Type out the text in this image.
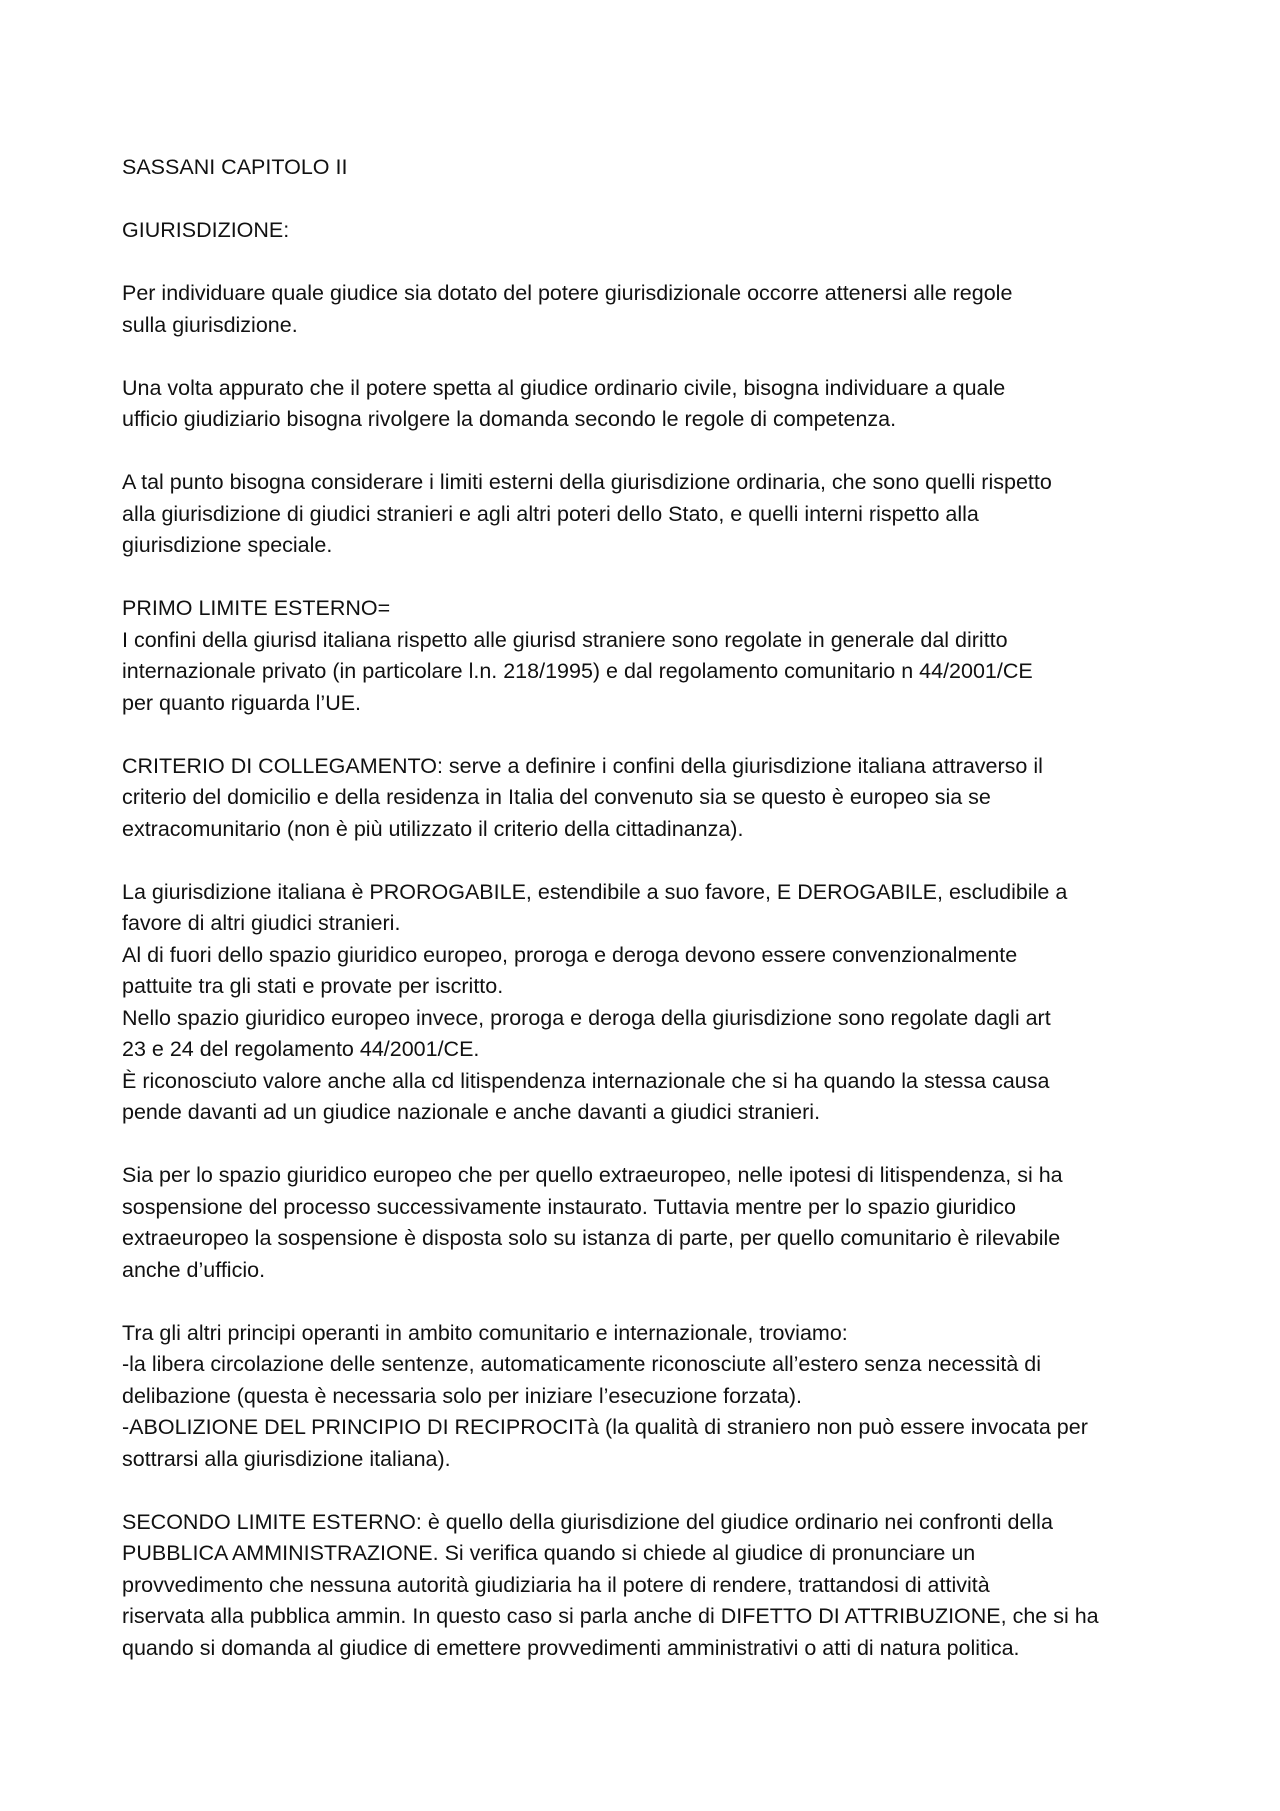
SASSANI CAPITOLO II
GIURISDIZIONE:
Per individuare quale giudice sia dotato del potere giurisdizionale occorre attenersi alle regole
sulla giurisdizione.
Una volta appurato che il potere spetta al giudice ordinario civile, bisogna individuare a quale
ufficio giudiziario bisogna rivolgere la domanda secondo le regole di competenza.
A tal punto bisogna considerare i limiti esterni della giurisdizione ordinaria, che sono quelli rispetto
alla giurisdizione di giudici stranieri e agli altri poteri dello Stato, e quelli interni rispetto alla
giurisdizione speciale.
PRIMO LIMITE ESTERNO=
I confini della giurisd italiana rispetto alle giurisd straniere sono regolate in generale dal diritto
internazionale privato (in particolare l.n. 218/1995) e dal regolamento comunitario n 44/2001/CE
per quanto riguarda l’UE.
CRITERIO DI COLLEGAMENTO: serve a definire i confini della giurisdizione italiana attraverso il
criterio del domicilio e della residenza in Italia del convenuto sia se questo è europeo sia se
extracomunitario (non è più utilizzato il criterio della cittadinanza).
La giurisdizione italiana è PROROGABILE, estendibile a suo favore, E DEROGABILE, escludibile a
favore di altri giudici stranieri.
Al di fuori dello spazio giuridico europeo, proroga e deroga devono essere convenzionalmente
pattuite tra gli stati e provate per iscritto.
Nello spazio giuridico europeo invece, proroga e deroga della giurisdizione sono regolate dagli art
23 e 24 del regolamento 44/2001/CE.
È riconosciuto valore anche alla cd litispendenza internazionale che si ha quando la stessa causa
pende davanti ad un giudice nazionale e anche davanti a giudici stranieri.
Sia per lo spazio giuridico europeo che per quello extraeuropeo, nelle ipotesi di litispendenza, si ha
sospensione del processo successivamente instaurato. Tuttavia mentre per lo spazio giuridico
extraeuropeo la sospensione è disposta solo su istanza di parte, per quello comunitario è rilevabile
anche d’ufficio.
Tra gli altri principi operanti in ambito comunitario e internazionale, troviamo:
-la libera circolazione delle sentenze, automaticamente riconosciute all’estero senza necessità di
delibazione (questa è necessaria solo per iniziare l’esecuzione forzata).
-ABOLIZIONE DEL PRINCIPIO DI RECIPROCITà (la qualità di straniero non può essere invocata per
sottrarsi alla giurisdizione italiana).
SECONDO LIMITE ESTERNO: è quello della giurisdizione del giudice ordinario nei confronti della
PUBBLICA AMMINISTRAZIONE. Si verifica quando si chiede al giudice di pronunciare un
provvedimento che nessuna autorità giudiziaria ha il potere di rendere, trattandosi di attività
riservata alla pubblica ammin. In questo caso si parla anche di DIFETTO DI ATTRIBUZIONE, che si ha
quando si domanda al giudice di emettere provvedimenti amministrativi o atti di natura politica.
